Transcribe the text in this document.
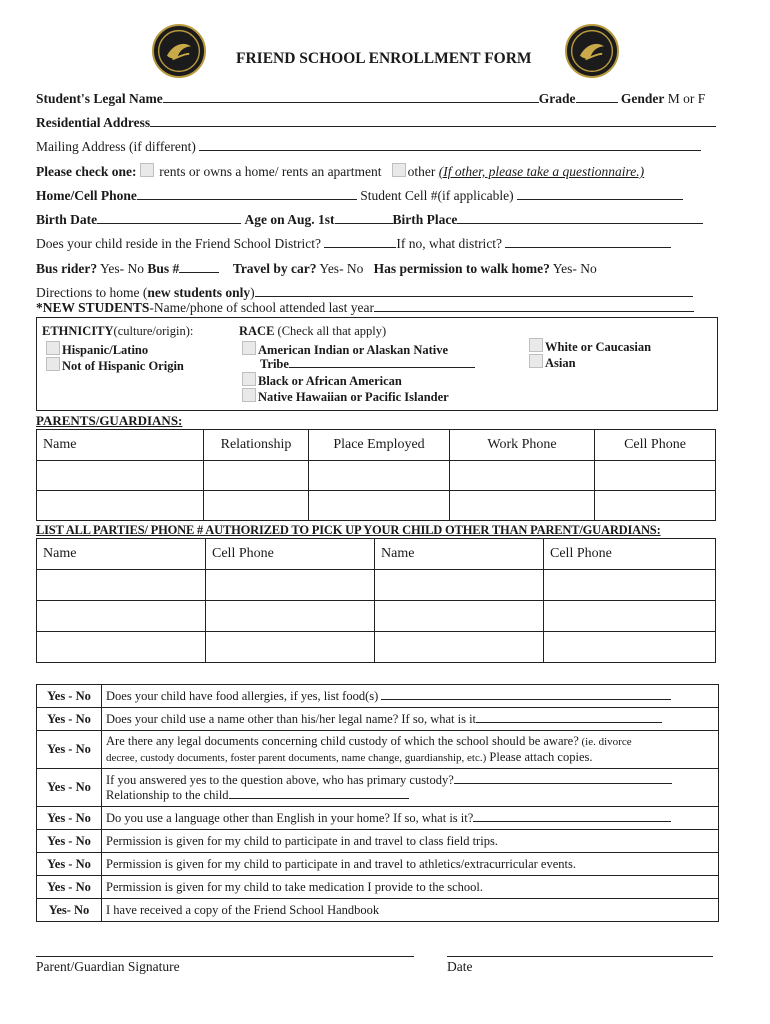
FRIEND SCHOOL ENROLLMENT FORM
Student's Legal Name	Grade	Gender M or F
Residential Address
Mailing Address (if different)
Please check one: rents or owns a home/ rents an apartment other (If other, please take a questionnaire.)
Home/Cell Phone	Student Cell #(if applicable)
Birth Date	Age on Aug. 1st	Birth Place
Does your child reside in the Friend School District?	If no, what district?
Bus rider? Yes- No Bus #	Travel by car? Yes- No Has permission to walk home? Yes- No
Directions to home (new students only)
*NEW STUDENTS-Name/phone of school attended last year
ETHNICITY(culture/origin):
Hispanic/Latino
Not of Hispanic Origin
RACE (Check all that apply)
American Indian or Alaskan Native
Tribe
Black or African American
Native Hawaiian or Pacific Islander
White or Caucasian
Asian
PARENTS/GUARDIANS:
Name	Relationship	Place Employed	Work Phone	Cell Phone

LIST ALL PARTIES/ PHONE # AUTHORIZED TO PICK UP YOUR CHILD OTHER THAN PARENT/GUARDIANS:
Name	Cell Phone	Name	Cell Phone

Yes - No	Does your child have food allergies, if yes, list food(s)
Yes - No	Does your child use a name other than his/her legal name? If so, what is it
Yes - No	Are there any legal documents concerning child custody of which the school should be aware? (ie. divorce
decree, custody documents, foster parent documents, name change, guardianship, etc.) Please attach copies.
Yes - No	If you answered yes to the question above, who has primary custody?
Relationship to the child
Yes - No	Do you use a language other than English in your home? If so, what is it?
Yes - No	Permission is given for my child to participate in and travel to class field trips.
Yes - No	Permission is given for my child to participate in and travel to athletics/extracurricular events.
Yes - No	Permission is given for my child to take medication I provide to the school.
Yes- No	I have received a copy of the Friend School Handbook
Parent/Guardian Signature	Date
